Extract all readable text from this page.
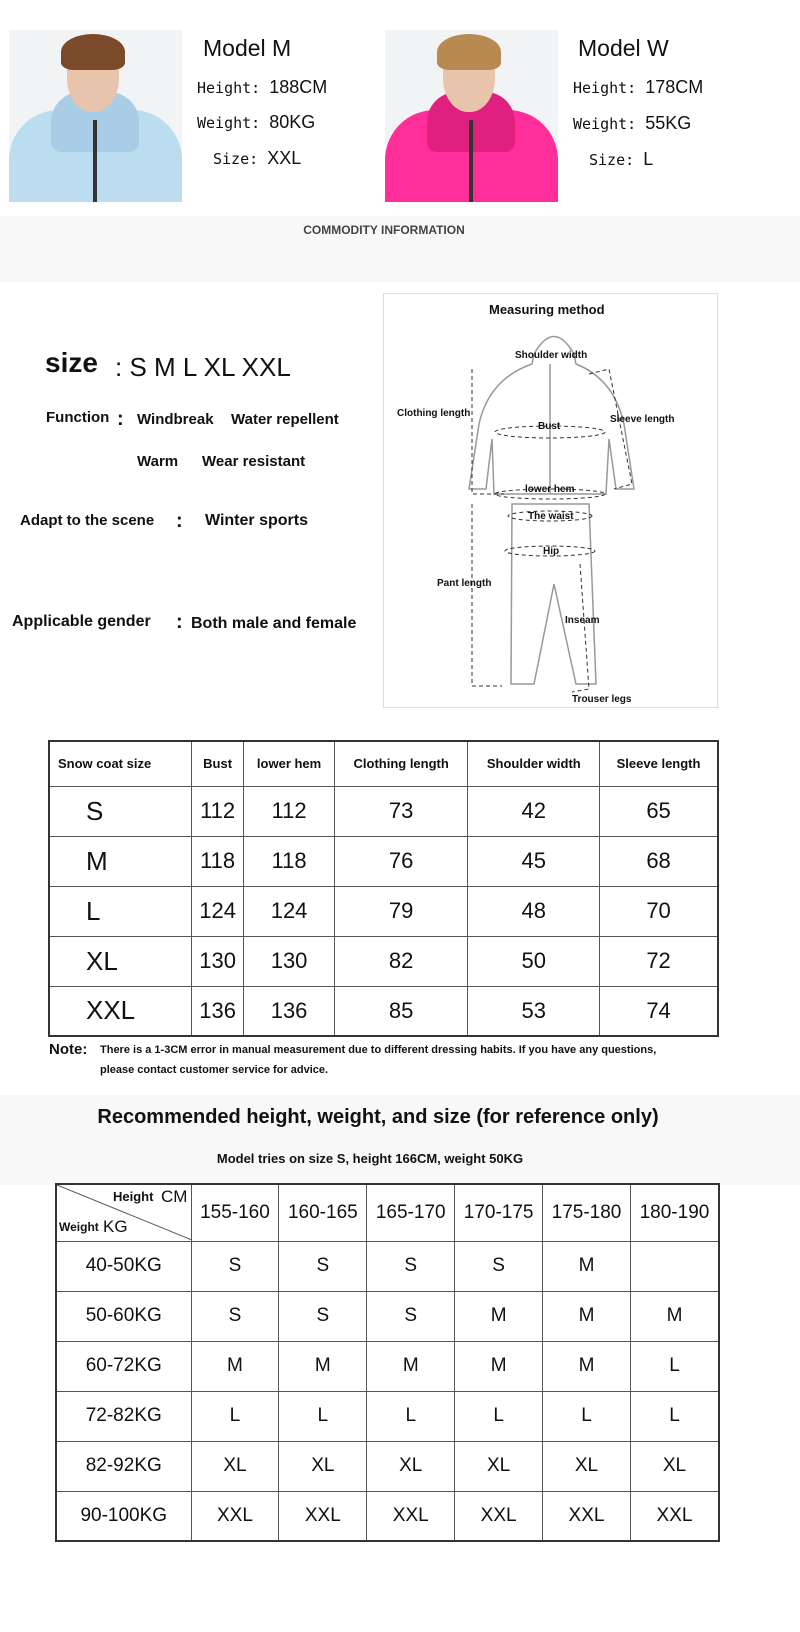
Model M
Height: 188CM
Weight: 80KG
Size: XXL
Model W
Height: 178CM
Weight: 55KG
Size: L
COMMODITY INFORMATION
size : S M L XL XXL
Function : Windbreak Water repellent
Warm Wear resistant
Adapt to the scene : Winter sports
Applicable gender : Both male and female
Measuring method
Shoulder width
Clothing length
Sleeve length
Bust
lower hem
The waist
Hip
Pant length
Inseam
Trouser legs
Snow coat size	Bust	lower hem	Clothing length	Shoulder width	Sleeve length
S	112	112	73	42	65
M	118	118	76	45	68
L	124	124	79	48	70
XL	130	130	82	50	72
XXL	136	136	85	53	74
Note: There is a 1-3CM error in manual measurement due to different dressing habits. If you have any questions,
please contact customer service for advice.
Recommended height, weight, and size (for reference only)
Model tries on size S, height 166CM, weight 50KG
Height CM
Weight KG	155-160	160-165	165-170	170-175	175-180	180-190
40-50KG	S	S	S	S	M	
50-60KG	S	S	S	M	M	M
60-72KG	M	M	M	M	M	L
72-82KG	L	L	L	L	L	L
82-92KG	XL	XL	XL	XL	XL	XL
90-100KG	XXL	XXL	XXL	XXL	XXL	XXL
